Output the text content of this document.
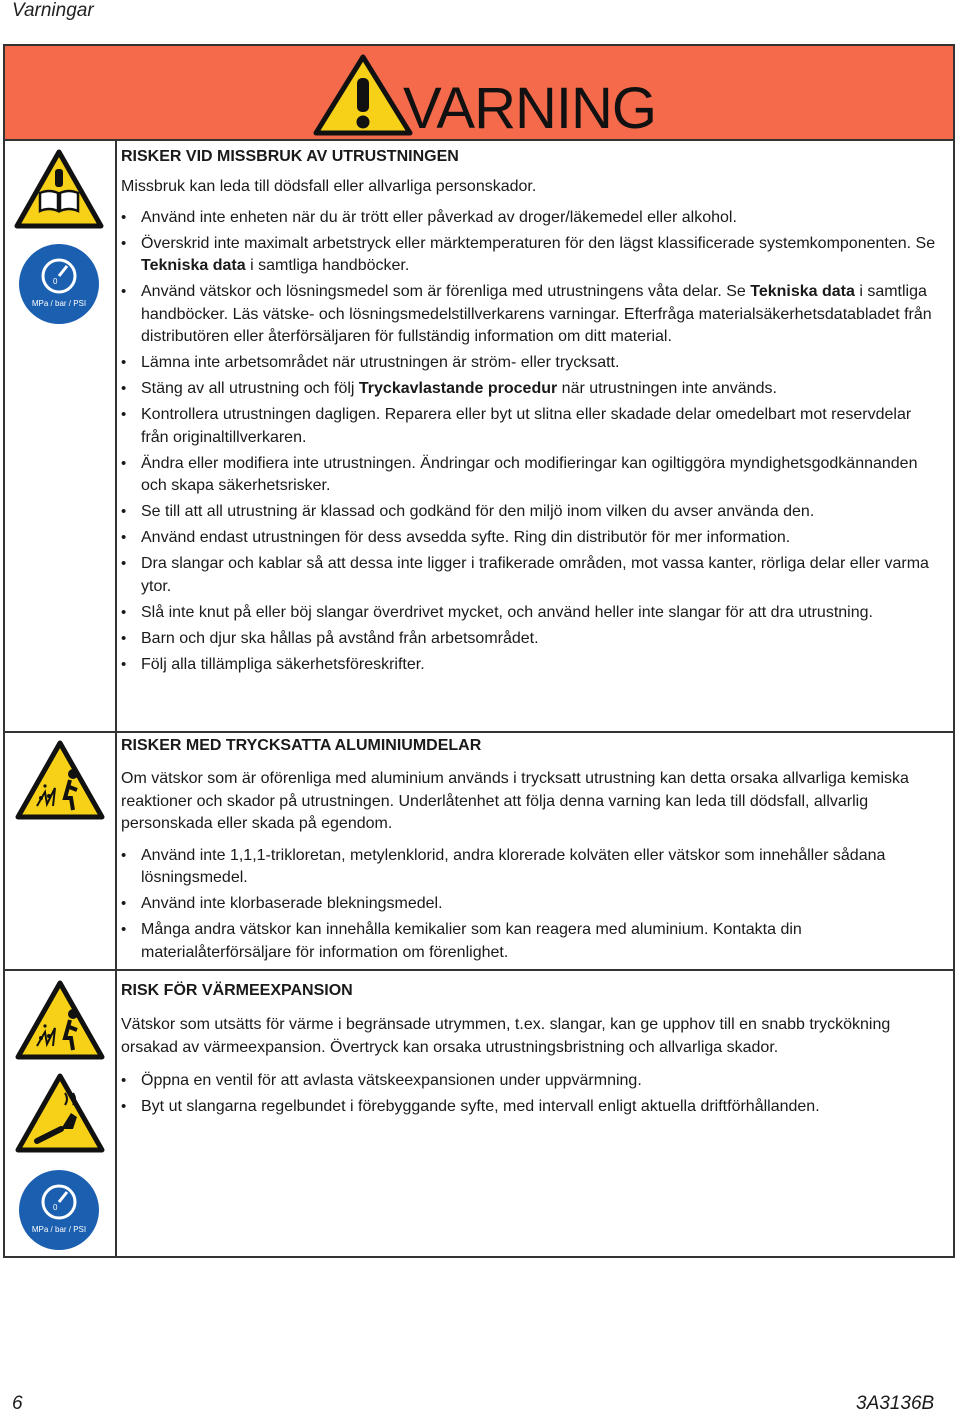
Varningar
VARNING
0
MPa / bar / PSI
0
MPa / bar / PSI

RISKER VID MISSBRUK AV UTRUSTNINGEN

Missbruk kan leda till dödsfall eller allvarliga personskador.

• Använd inte enheten när du är trött eller påverkad av droger/läkemedel eller alkohol.
• Överskrid inte maximalt arbetstryck eller märktemperaturen för den lägst klassificerade systemkomponenten. Se Tekniska data i samtliga handböcker.
• Använd vätskor och lösningsmedel som är förenliga med utrustningens våta delar. Se Tekniska data i samtliga handböcker. Läs vätske- och lösningsmedelstillverkarens varningar. Efterfråga materialsäkerhetsdatabladet från distributören eller återförsäljaren för fullständig information om ditt material.
• Lämna inte arbetsområdet när utrustningen är ström- eller trycksatt.
• Stäng av all utrustning och följ Tryckavlastande procedur när utrustningen inte används.
• Kontrollera utrustningen dagligen. Reparera eller byt ut slitna eller skadade delar omedelbart mot reservdelar från originaltillverkaren.
• Ändra eller modifiera inte utrustningen. Ändringar och modifieringar kan ogiltiggöra myndighetsgodkännanden och skapa säkerhetsrisker.
• Se till att all utrustning är klassad och godkänd för den miljö inom vilken du avser använda den.
• Använd endast utrustningen för dess avsedda syfte. Ring din distributör för mer information.
• Dra slangar och kablar så att dessa inte ligger i trafikerade områden, mot vassa kanter, rörliga delar eller varma ytor.
• Slå inte knut på eller böj slangar överdrivet mycket, och använd heller inte slangar för att dra utrustning.
• Barn och djur ska hållas på avstånd från arbetsområdet.
• Följ alla tillämpliga säkerhetsföreskrifter.

RISKER MED TRYCKSATTA ALUMINIUMDELAR

Om vätskor som är oförenliga med aluminium används i trycksatt utrustning kan detta orsaka allvarliga kemiska reaktioner och skador på utrustningen. Underlåtenhet att följa denna varning kan leda till dödsfall, allvarlig personskada eller skada på egendom.

• Använd inte 1,1,1-trikloretan, metylenklorid, andra klorerade kolväten eller vätskor som innehåller sådana lösningsmedel.
• Använd inte klorbaserade blekningsmedel.
• Många andra vätskor kan innehålla kemikalier som kan reagera med aluminium. Kontakta din materialåterförsäljare för information om förenlighet.

RISK FÖR VÄRMEEXPANSION

Vätskor som utsätts för värme i begränsade utrymmen, t.ex. slangar, kan ge upphov till en snabb tryckökning orsakad av värmeexpansion. Övertryck kan orsaka utrustningsbristning och allvarliga skador.

• Öppna en ventil för att avlasta vätskeexpansionen under uppvärmning.
• Byt ut slangarna regelbundet i förebyggande syfte, med intervall enligt aktuella driftförhållanden.
6	3A3136B
